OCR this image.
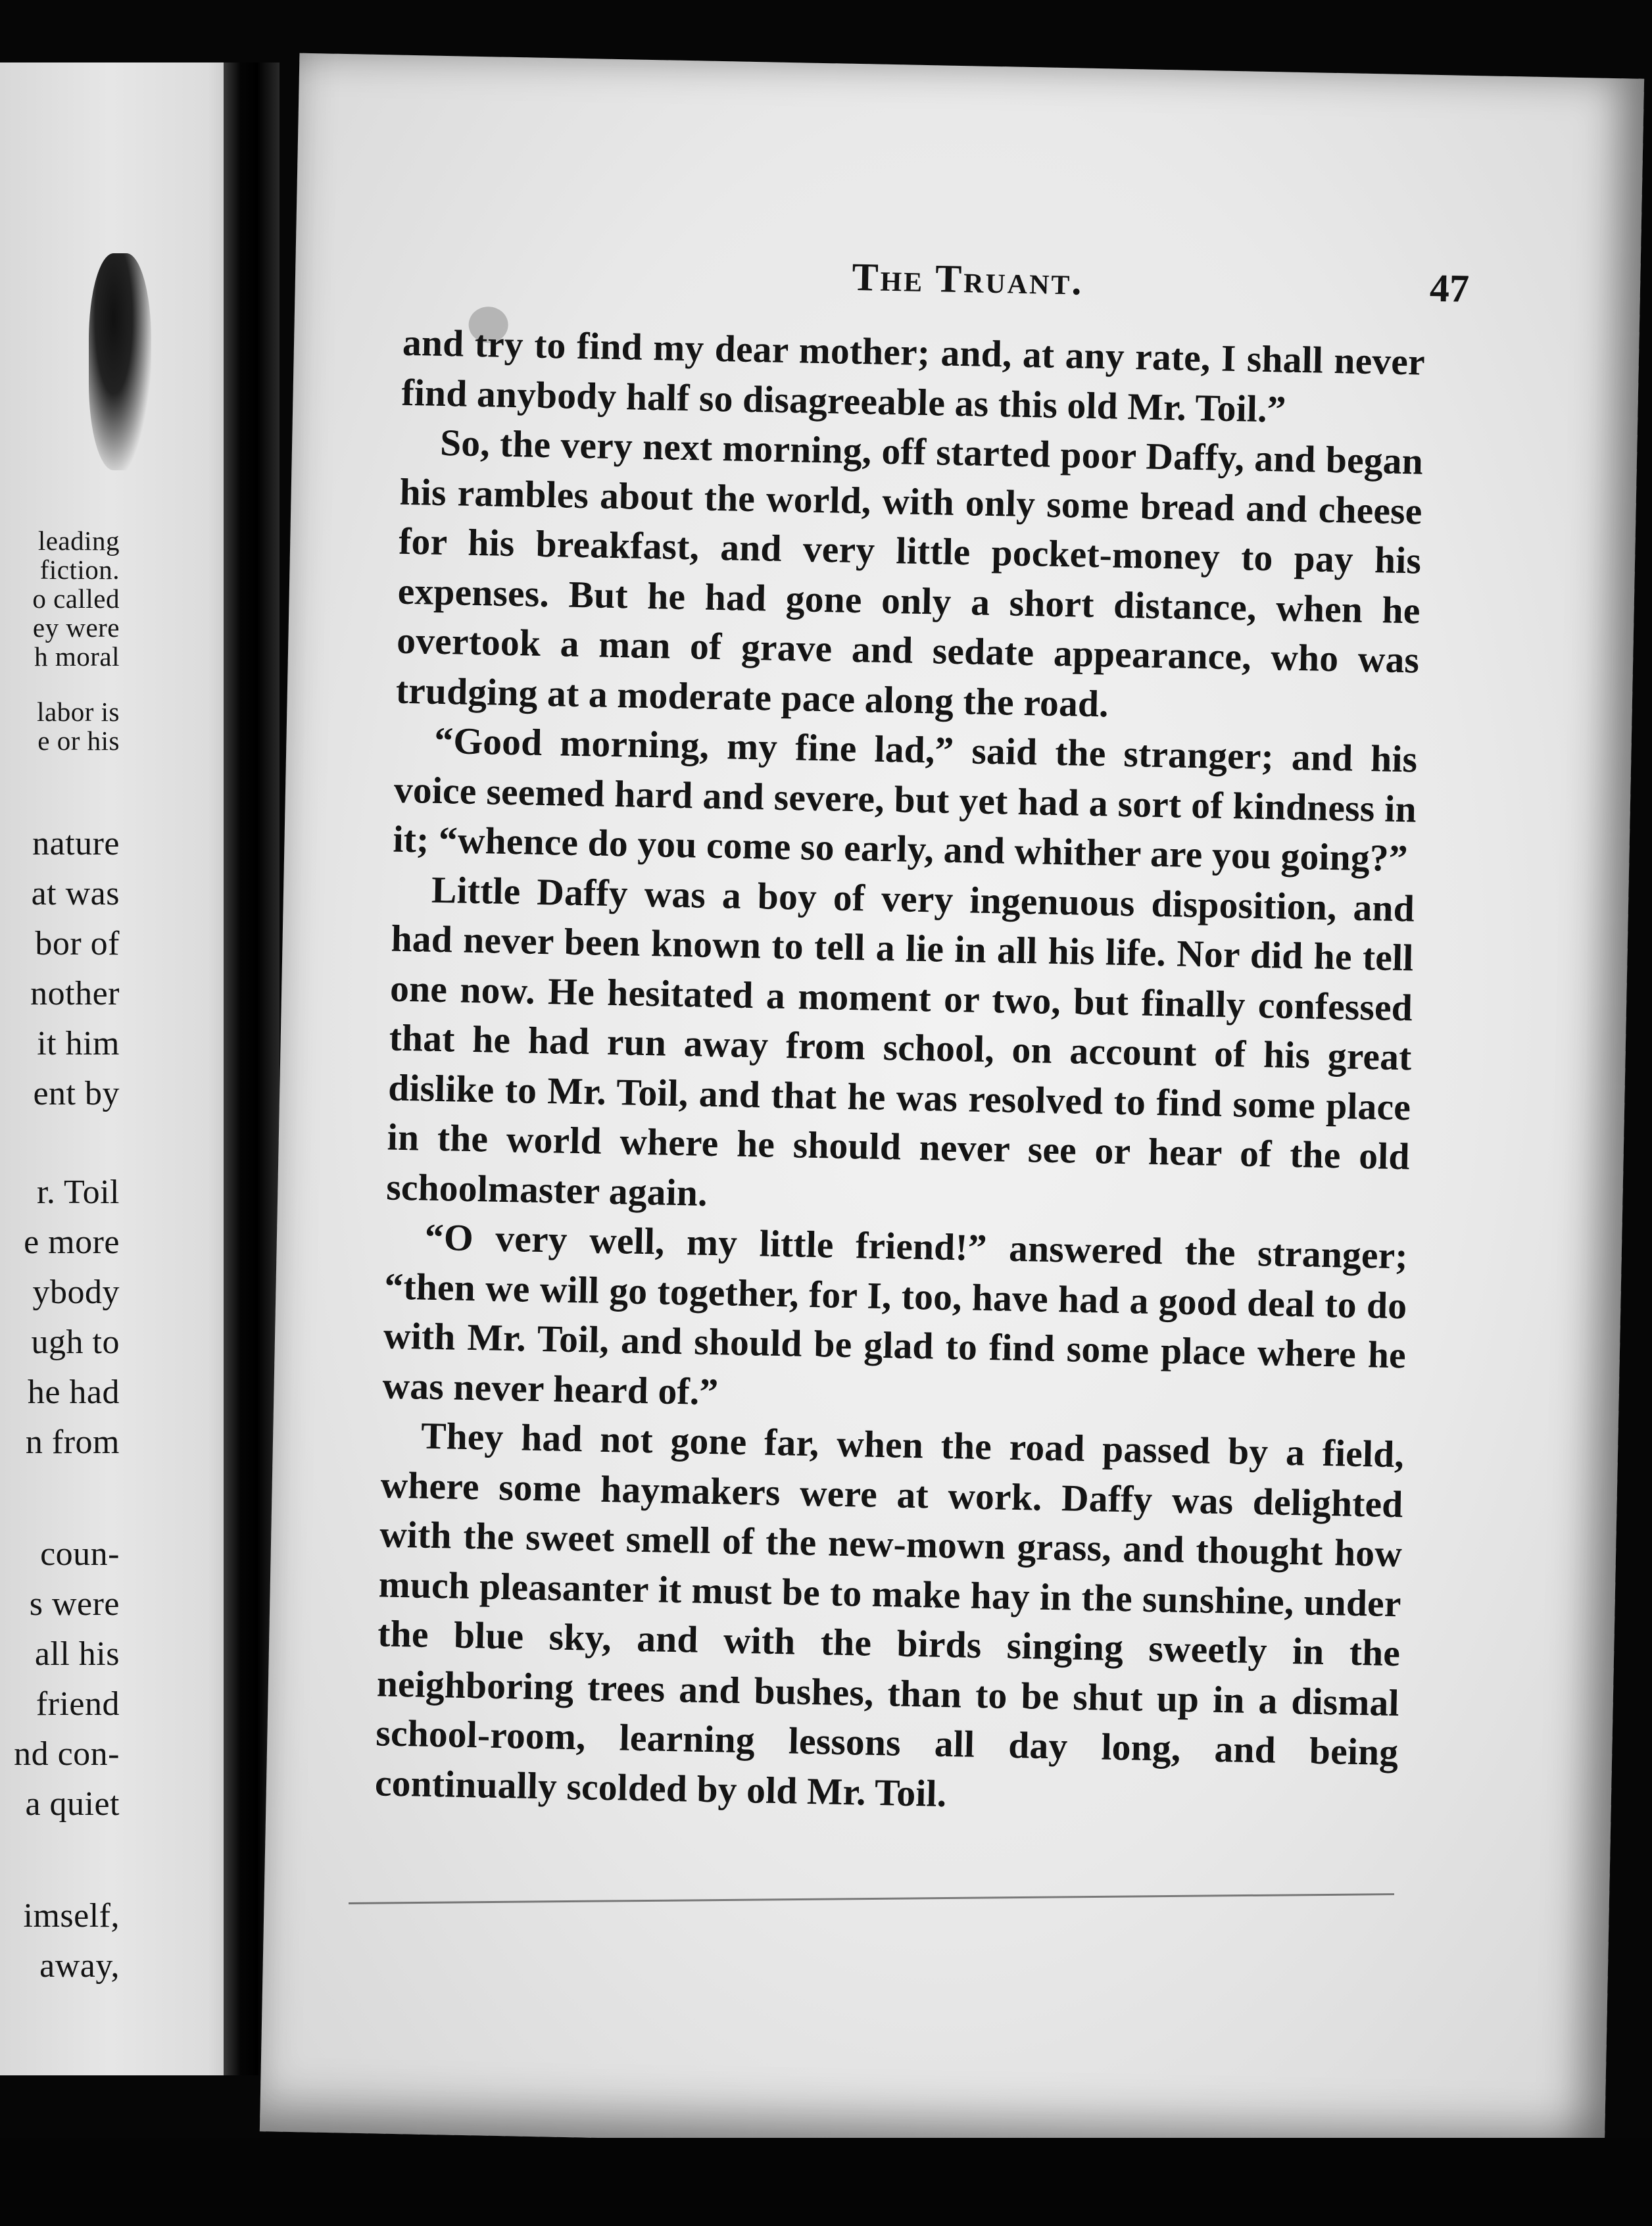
leading
fiction.
o called
ey were
h moral
labor is
e or his
nature
at was
bor of
nother
it him
ent by
r. Toil
e more
ybody
ugh to
he had
n from
coun-
s were
all his
friend
nd con-
a quiet
imself,
away,
The Truant.	47

and try to find my dear mother; and, at any rate, I shall never find anybody half so disagreeable as this old Mr. Toil.”

So, the very next morning, off started poor Daffy, and began his rambles about the world, with only some bread and cheese for his breakfast, and very little pocket-money to pay his expenses. But he had gone only a short distance, when he overtook a man of grave and sedate appearance, who was trudging at a moderate pace along the road.

“Good morning, my fine lad,” said the stranger; and his voice seemed hard and severe, but yet had a sort of kindness in it; “whence do you come so early, and whither are you going?”

Little Daffy was a boy of very ingenuous disposition, and had never been known to tell a lie in all his life. Nor did he tell one now. He hesitated a moment or two, but finally confessed that he had run away from school, on account of his great dislike to Mr. Toil, and that he was resolved to find some place in the world where he should never see or hear of the old schoolmaster again.

“O very well, my little friend!” answered the stranger; “then we will go together, for I, too, have had a good deal to do with Mr. Toil, and should be glad to find some place where he was never heard of.”

They had not gone far, when the road passed by a field, where some haymakers were at work. Daffy was delighted with the sweet smell of the new-mown grass, and thought how much pleasanter it must be to make hay in the sunshine, under the blue sky, and with the birds singing sweetly in the neighboring trees and bushes, than to be shut up in a dismal school-room, learning lessons all day long, and being continually scolded by old Mr. Toil.
